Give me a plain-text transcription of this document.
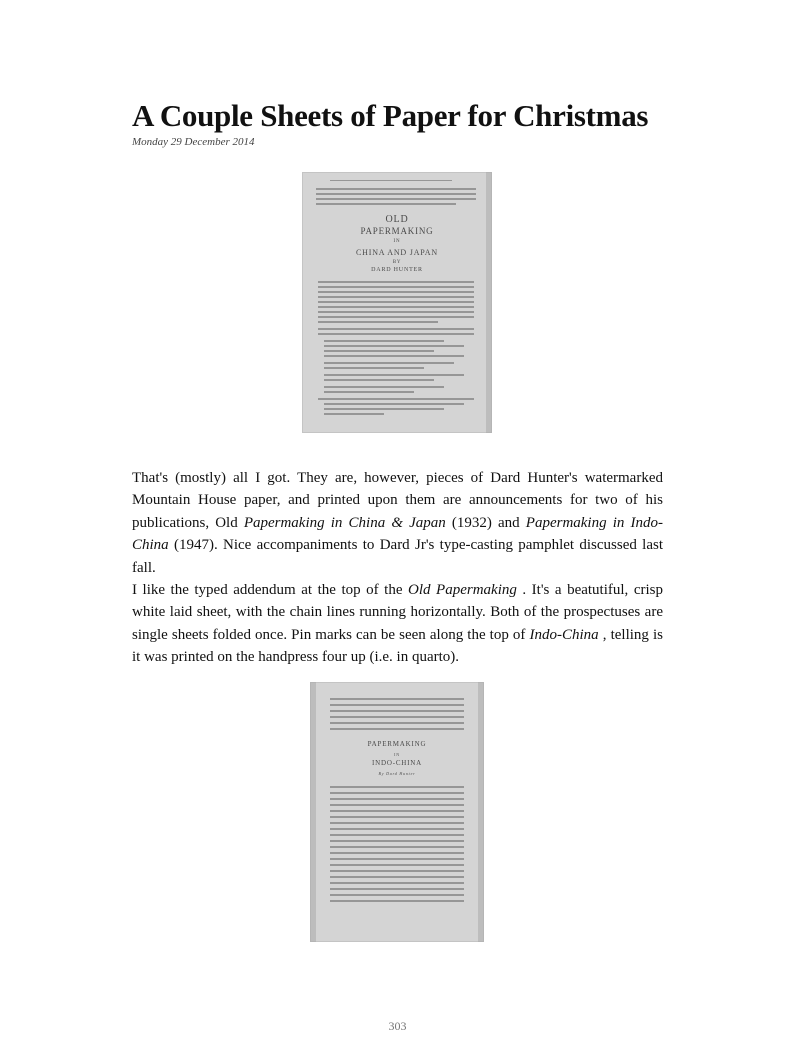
A Couple Sheets of Paper for Christmas
Monday 29 December 2014
OLD
PAPERMAKING
IN
CHINA AND JAPAN
BY
DARD HUNTER

That's (mostly) all I got. They are, however, pieces of Dard Hunter's watermarked Mountain House paper, and printed upon them are announcements for two of his publications, Old Papermaking in China & Japan (1932) and Papermaking in Indo-China (1947). Nice accompaniments to Dard Jr's type-casting pamphlet discussed last fall.

I like the typed addendum at the top of the Old Papermaking . It's a beatutiful, crisp white laid sheet, with the chain lines running horizontally. Both of the prospectuses are single sheets folded once. Pin marks can be seen along the top of Indo-China , telling is it was printed on the handpress four up (i.e. in quarto).

PAPERMAKING
IN
INDO-CHINA
By Dard Hunter
303
